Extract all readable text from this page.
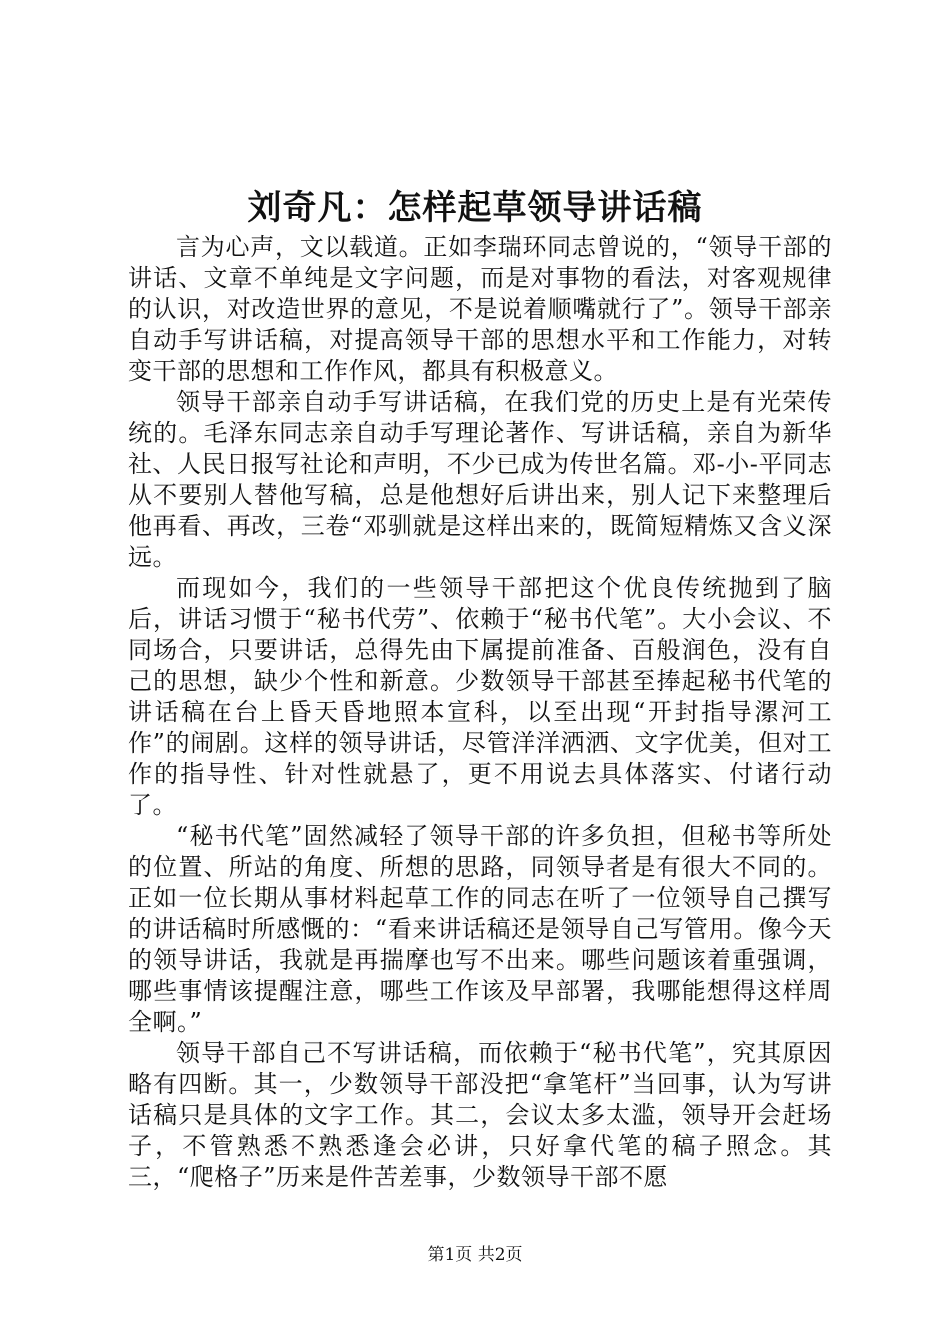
刘奇凡：怎样起草领导讲话稿

言为心声，文以载道。正如李瑞环同志曾说的，“领导干部的讲话、文章不单纯是文字问题，而是对事物的看法，对客观规律的认识，对改造世界的意见，不是说着顺嘴就行了”。领导干部亲自动手写讲话稿，对提高领导干部的思想水平和工作能力，对转变干部的思想和工作作风，都具有积极意义。

领导干部亲自动手写讲话稿，在我们党的历史上是有光荣传统的。毛泽东同志亲自动手写理论著作、写讲话稿，亲自为新华社、人民日报写社论和声明，不少已成为传世名篇。邓-小-平同志从不要别人替他写稿，总是他想好后讲出来，别人记下来整理后他再看、再改，三卷“邓驯就是这样出来的，既简短精炼又含义深远。

而现如今，我们的一些领导干部把这个优良传统抛到了脑后，讲话习惯于“秘书代劳”、依赖于“秘书代笔”。大小会议、不同场合，只要讲话，总得先由下属提前准备、百般润色，没有自己的思想，缺少个性和新意。少数领导干部甚至捧起秘书代笔的讲话稿在台上昏天昏地照本宣科，以至出现“开封指导漯河工作”的闹剧。这样的领导讲话，尽管洋洋洒洒、文字优美，但对工作的指导性、针对性就悬了，更不用说去具体落实、付诸行动了。

“秘书代笔”固然减轻了领导干部的许多负担，但秘书等所处的位置、所站的角度、所想的思路，同领导者是有很大不同的。正如一位长期从事材料起草工作的同志在听了一位领导自己撰写的讲话稿时所感慨的：“看来讲话稿还是领导自己写管用。像今天的领导讲话，我就是再揣摩也写不出来。哪些问题该着重强调，哪些事情该提醒注意，哪些工作该及早部署，我哪能想得这样周全啊。”

领导干部自己不写讲话稿，而依赖于“秘书代笔”，究其原因略有四断。其一，少数领导干部没把“拿笔杆”当回事，认为写讲话稿只是具体的文字工作。其二，会议太多太滥，领导开会赶场子，不管熟悉不熟悉逢会必讲，只好拿代笔的稿子照念。其三，“爬格子”历来是件苦差事，少数领导干部不愿

第1页 共2页
